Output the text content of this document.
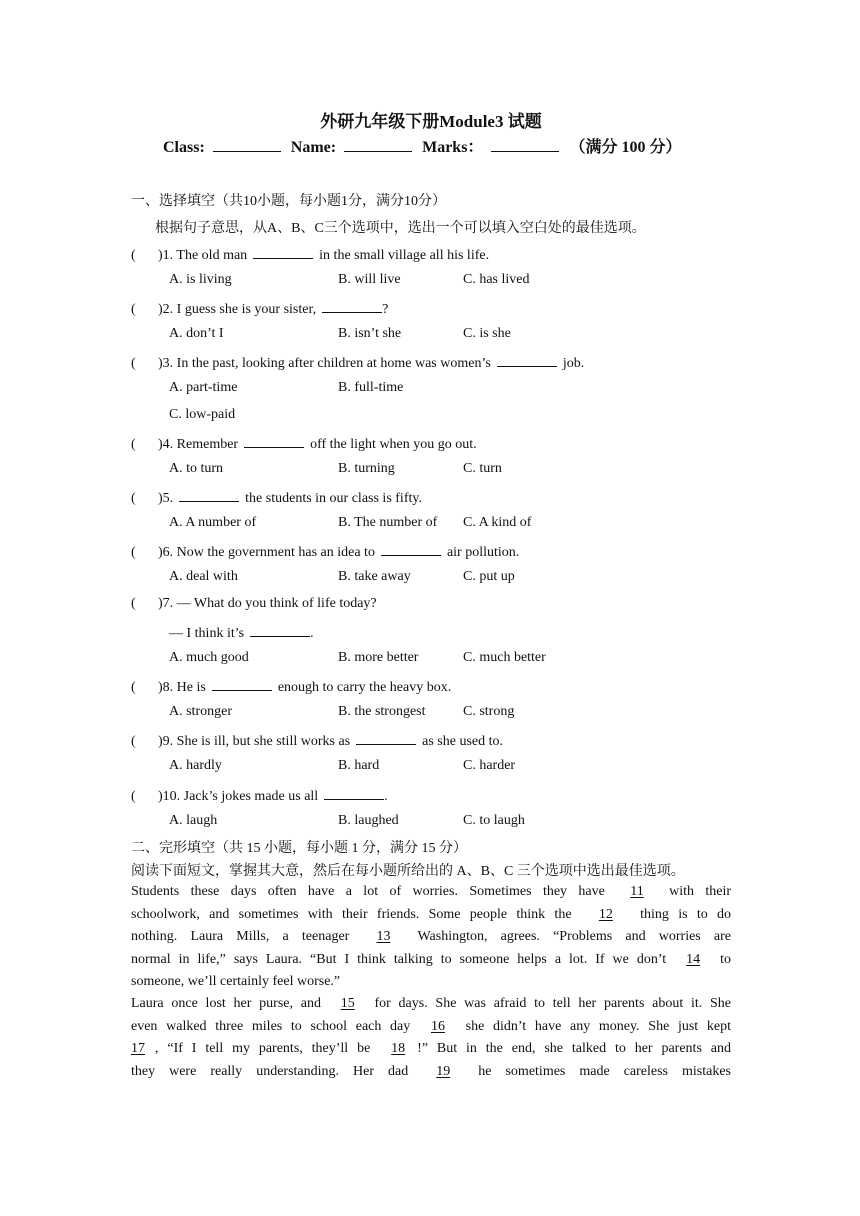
外研九年级下册Module3 试题
Class:	Name:	Marks：	（满分 100 分）
一、选择填空（共10小题，每小题1分，满分10分）
根据句子意思，从A、B、C三个选项中，选出一个可以填入空白处的最佳选项。
( )1. The old man	in the small village all his life.
A. is living	B. will live	C. has lived
( )2. I guess she is your sister,	?
A. don’t I	B. isn’t she	C. is she
( )3. In the past, looking after children at home was women’s	job.
A. part-time	B. full-time
C. low-paid
( )4. Remember	off the light when you go out.
A. to turn	B. turning	C. turn
( )5.	the students in our class is fifty.
A. A number of	B. The number of C. A kind of
( )6. Now the government has an idea to	air pollution.
A. deal with	B. take away	C. put up
( )7. — What do you think of life today?
— I think it’s	.
A. much good	B. more better	C. much better
( )8. He is	enough to carry the heavy box.
A. stronger	B. the strongest	C. strong
( )9. She is ill, but she still works as	as she used to.
A. hardly	B. hard	C. harder
( )10. Jack’s jokes made us all	.
A. laugh	B. laughed	C. to laugh
二、完形填空（共 15 小题，每小题 1 分，满分 15 分）
阅读下面短文，掌握其大意，然后在每小题所给出的 A、B、C 三个选项中选出最佳选项。
Students these days often have a lot of worries. Sometimes they have 11 with their
schoolwork, and sometimes with their friends. Some people think the 12 thing is to do
nothing. Laura Mills, a teenager 13 Washington, agrees. “Problems and worries are
normal in life,” says Laura. “But I think talking to someone helps a lot. If we don’t 14 to
someone, we’ll certainly feel worse.”
Laura once lost her purse, and 15 for days. She was afraid to tell her parents about it. She
even walked three miles to school each day 16 she didn’t have any money. She just kept
17 , “If I tell my parents, they’ll be 18 !” But in the end, she talked to her parents and
they were really understanding. Her dad 19 he sometimes made careless mistakes
